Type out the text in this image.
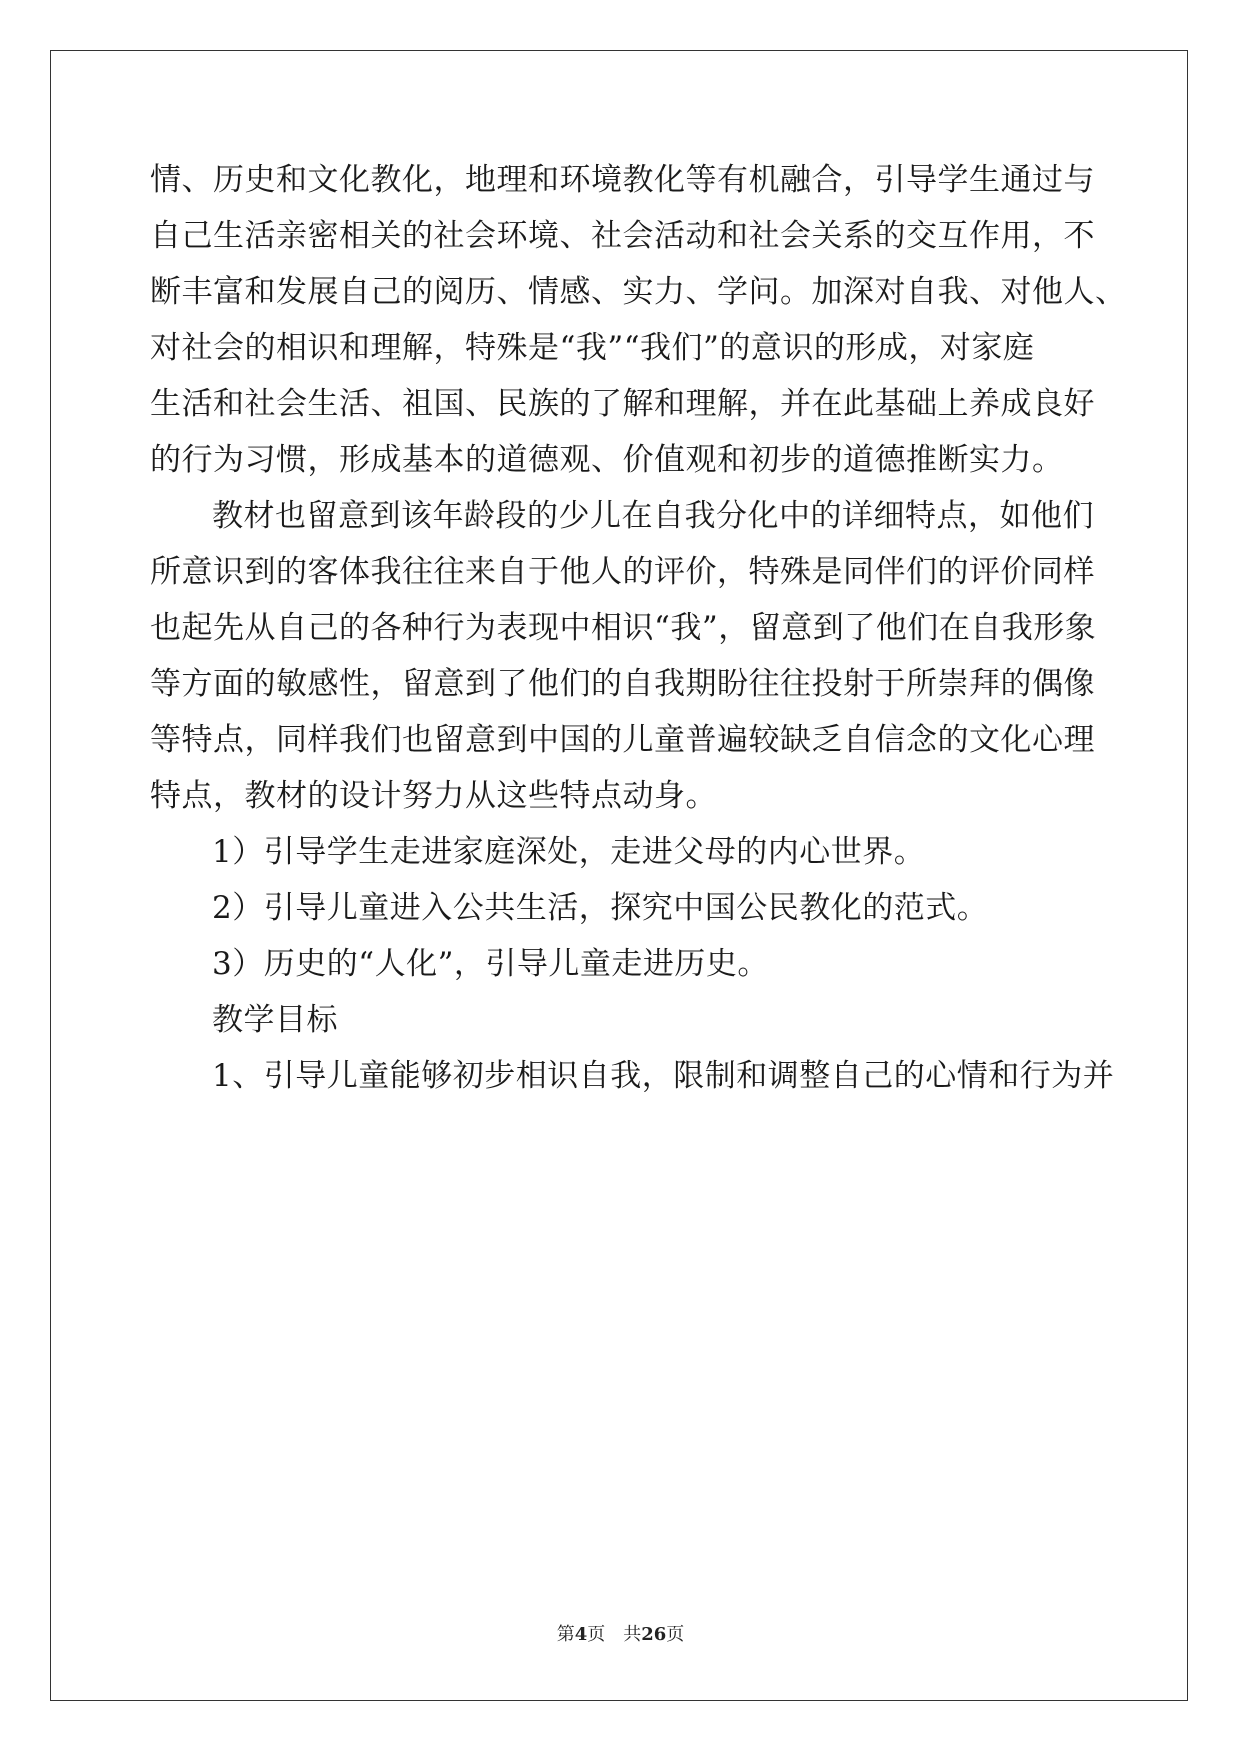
情、历史和文化教化，地理和环境教化等有机融合，引导学生通过与
自己生活亲密相关的社会环境、社会活动和社会关系的交互作用，不
断丰富和发展自己的阅历、情感、实力、学问。加深对自我、对他人、
对社会的相识和理解，特殊是“我”“我们”的意识的形成，对家庭
生活和社会生活、祖国、民族的了解和理解，并在此基础上养成良好
的行为习惯，形成基本的道德观、价值观和初步的道德推断实力。
教材也留意到该年龄段的少儿在自我分化中的详细特点，如他们
所意识到的客体我往往来自于他人的评价，特殊是同伴们的评价同样
也起先从自己的各种行为表现中相识“我”，留意到了他们在自我形象
等方面的敏感性，留意到了他们的自我期盼往往投射于所崇拜的偶像
等特点，同样我们也留意到中国的儿童普遍较缺乏自信念的文化心理
特点，教材的设计努力从这些特点动身。
1）引导学生走进家庭深处，走进父母的内心世界。
2）引导儿童进入公共生活，探究中国公民教化的范式。
3）历史的“人化”，引导儿童走进历史。
教学目标
1、引导儿童能够初步相识自我，限制和调整自己的心情和行为并
第4页　共26页
